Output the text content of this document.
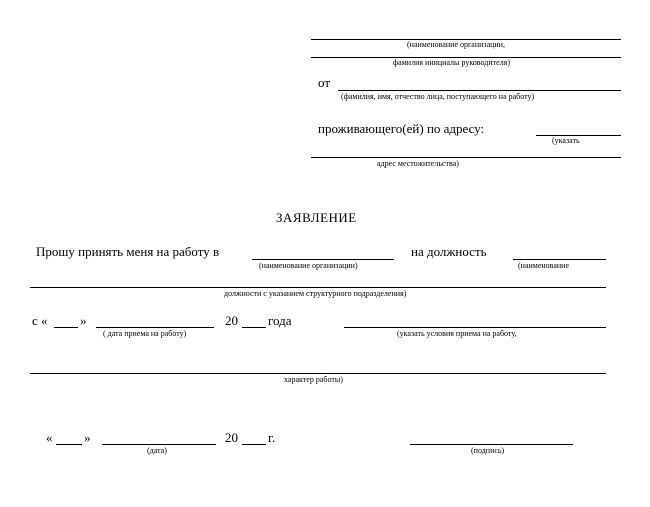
(наименование организации,
фамилия инициалы руководителя)
от
(фамилия, имя, отчество лица, поступающего на работу)
проживающего(ей) по адресу:
(указать
адрес местожительства)
ЗАЯВЛЕНИЕ
Прошу принять меня на работу в
(наименование организации)
на должность
(наименование
должности с указанием структурного подразделения)
с « »
( дата приема на работу)
20 года
(указать условия приема на работу,
характер работы)
« »
(дата)
20 г.
(подпись)
